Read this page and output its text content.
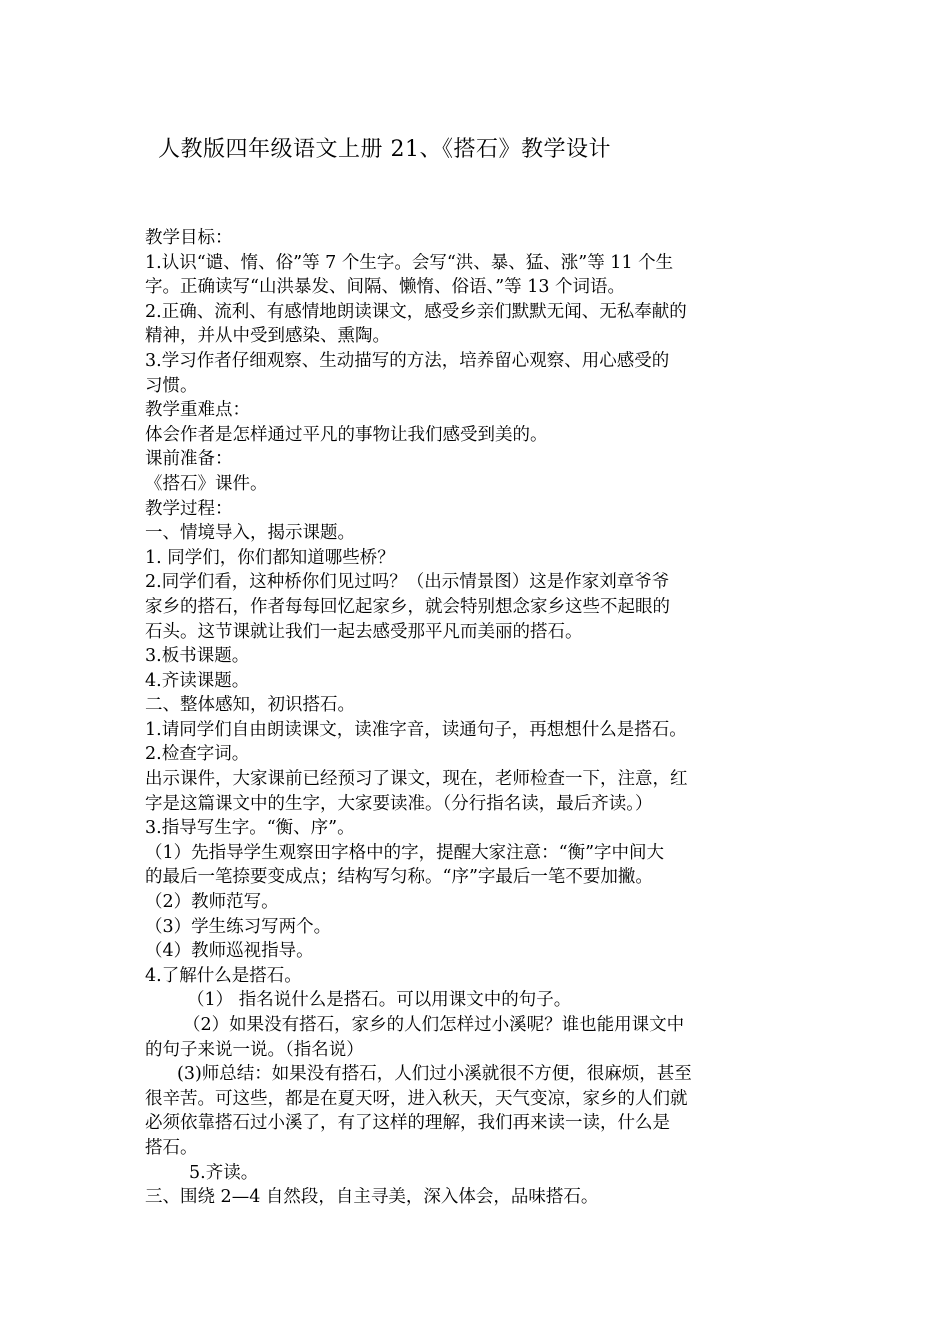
人教版四年级语文上册 21、《搭石》教学设计
教学目标：
1.认识“谴、惰、俗”等 7 个生字。会写“洪、暴、猛、涨”等 11 个生
字。正确读写“山洪暴发、间隔、懒惰、俗语、”等 13 个词语。
2.正确、流利、有感情地朗读课文，感受乡亲们默默无闻、无私奉献的
精神，并从中受到感染、熏陶。
3.学习作者仔细观察、生动描写的方法，培养留心观察、用心感受的
习惯。
教学重难点：
体会作者是怎样通过平凡的事物让我们感受到美的。
课前准备：
《搭石》课件。
教学过程：
一、情境导入，揭示课题。
1. 同学们，你们都知道哪些桥？
2.同学们看，这种桥你们见过吗？（出示情景图）这是作家刘章爷爷
家乡的搭石，作者每每回忆起家乡，就会特别想念家乡这些不起眼的
石头。这节课就让我们一起去感受那平凡而美丽的搭石。
3.板书课题。
4.齐读课题。
二、整体感知，初识搭石。
1.请同学们自由朗读课文，读准字音，读通句子，再想想什么是搭石。
2.检查字词。
出示课件，大家课前已经预习了课文，现在，老师检查一下，注意，红
字是这篇课文中的生字，大家要读准。（分行指名读，最后齐读。）
3.指导写生字。“衡、序”。
（1）先指导学生观察田字格中的字，提醒大家注意：“衡”字中间大
的最后一笔捺要变成点；结构写匀称。“序”字最后一笔不要加撇。
（2）教师范写。
（3）学生练习写两个。
（4）教师巡视指导。
4.了解什么是搭石。
（1） 指名说什么是搭石。可以用课文中的句子。
（2）如果没有搭石，家乡的人们怎样过小溪呢？谁也能用课文中
的句子来说一说。（指名说）
(3)师总结：如果没有搭石，人们过小溪就很不方便，很麻烦，甚至
很辛苦。可这些，都是在夏天呀，进入秋天，天气变凉，家乡的人们就
必须依靠搭石过小溪了，有了这样的理解，我们再来读一读，什么是
搭石。
5.齐读。
三、围绕 2—4 自然段，自主寻美，深入体会，品味搭石。
